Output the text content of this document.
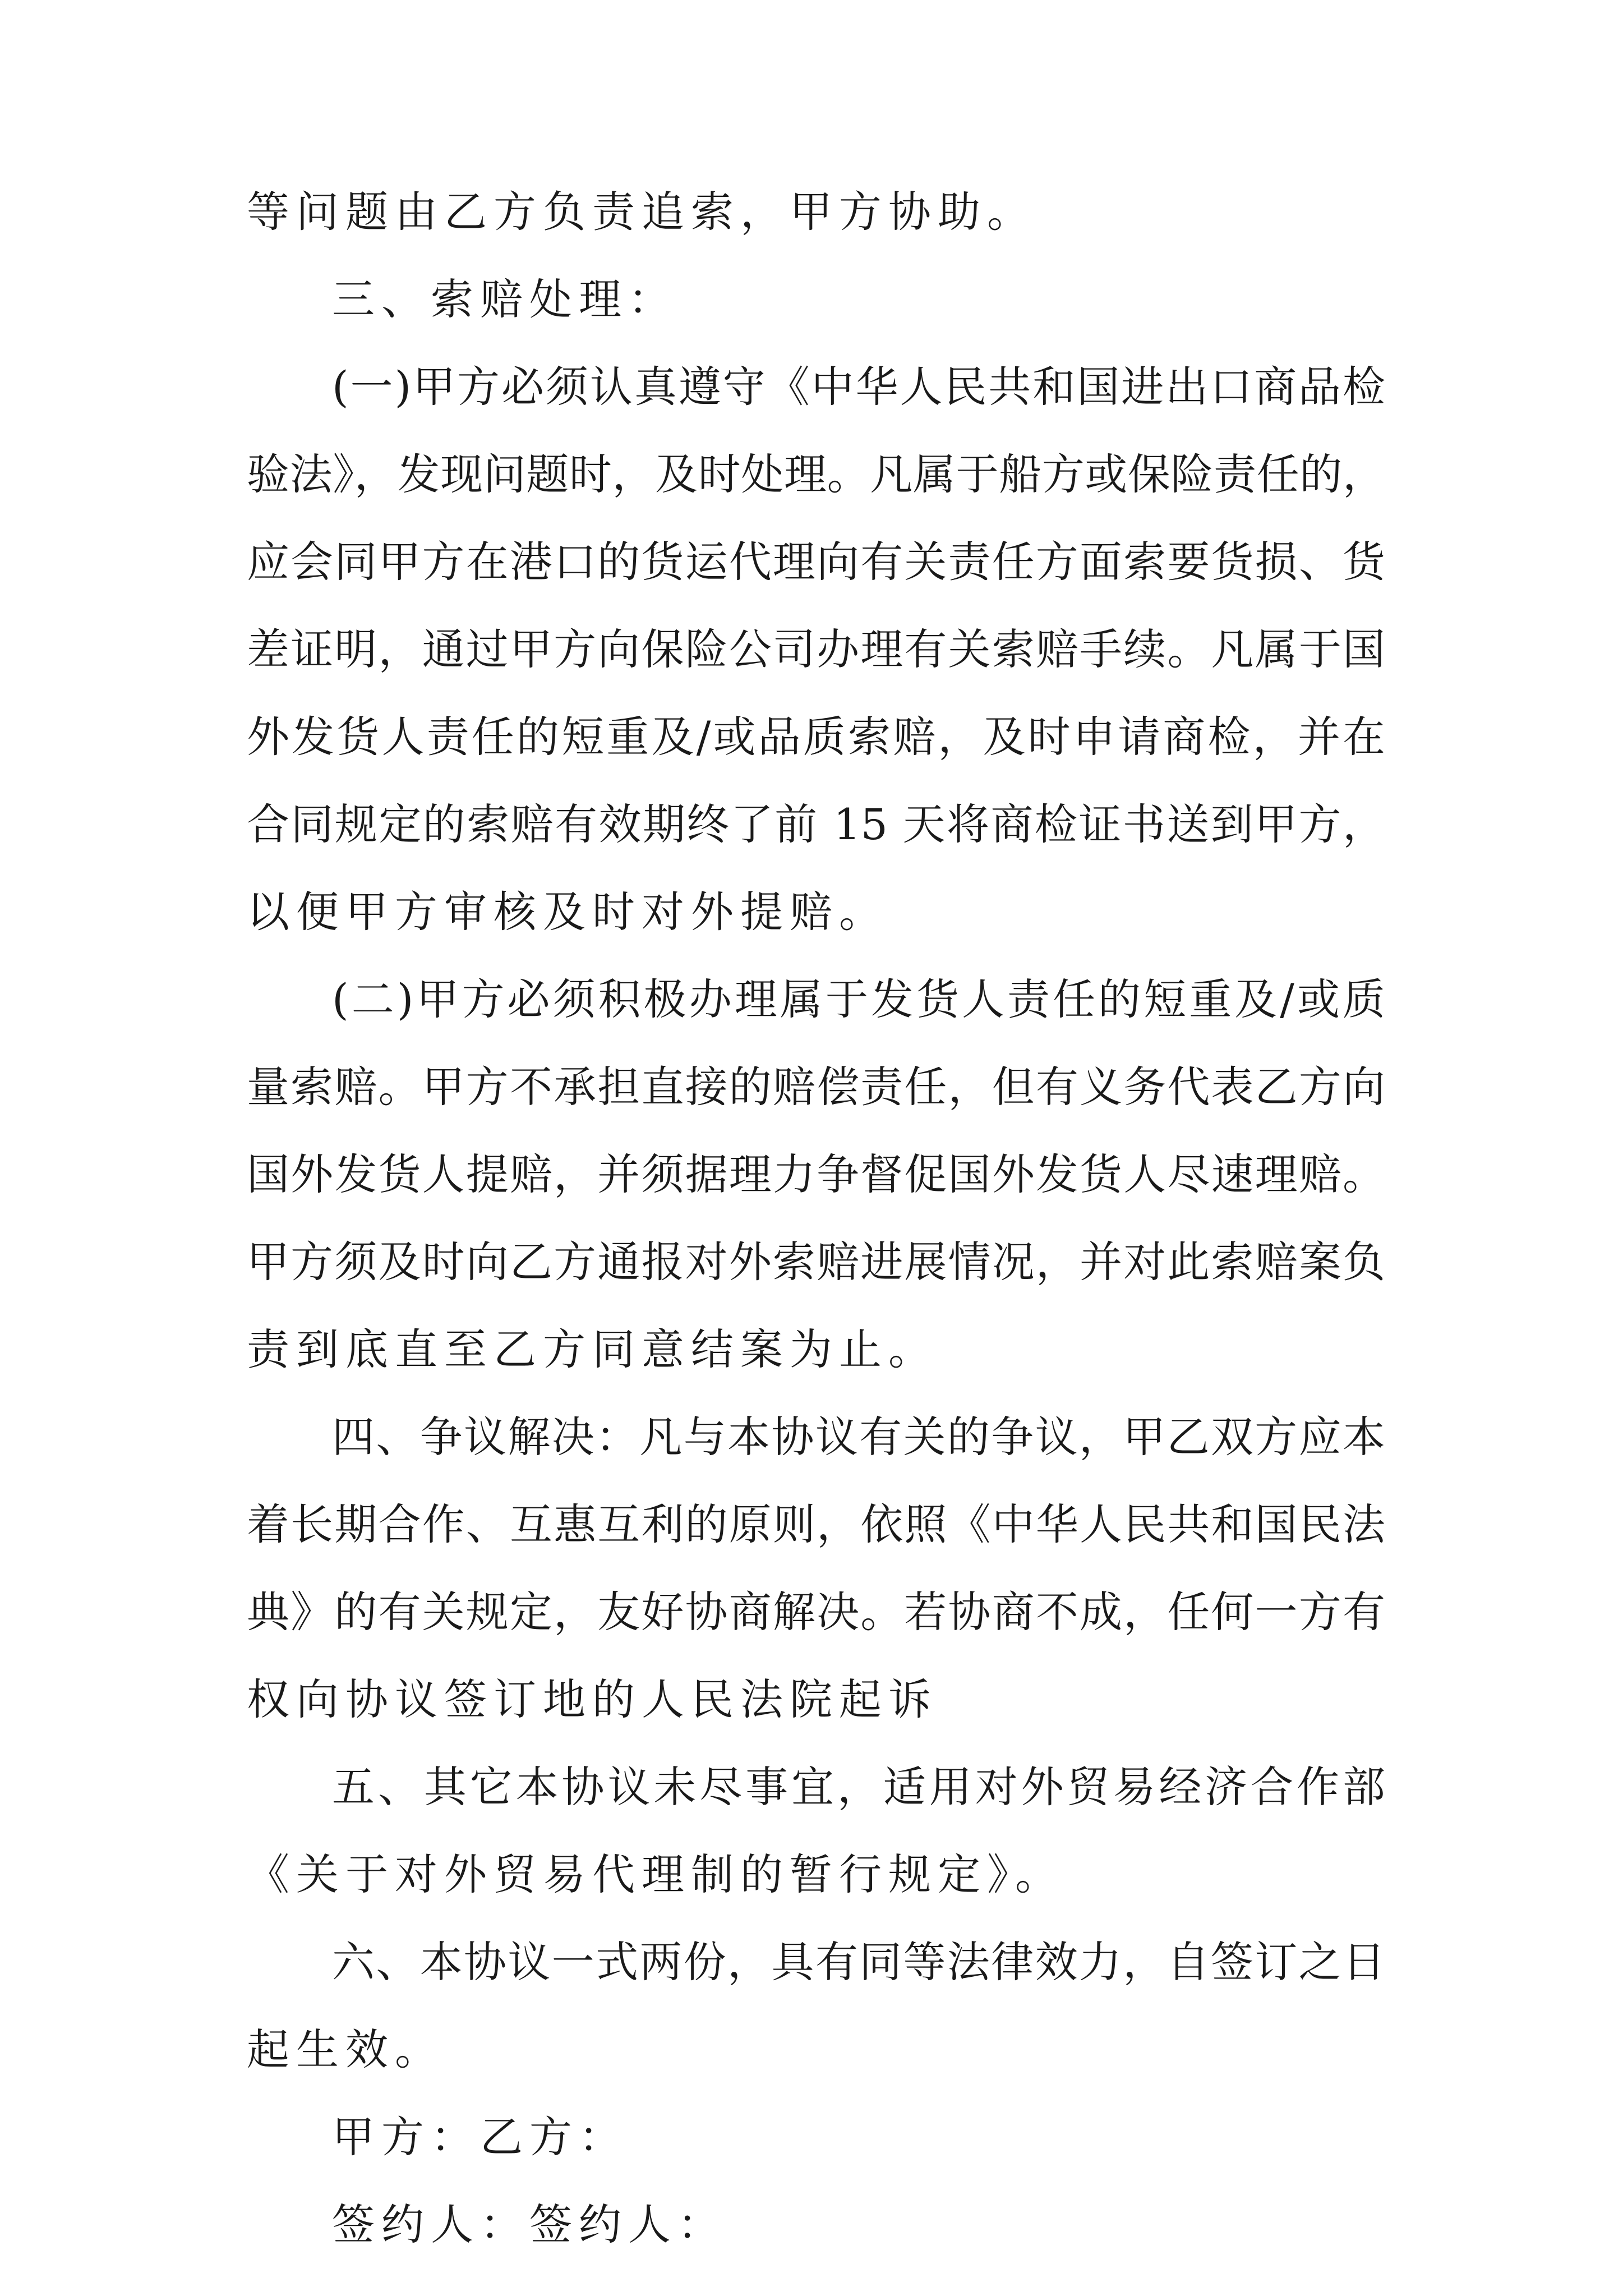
等问题由乙方负责追索，甲方协助。
三、索赔处理：
(一)甲方必须认真遵守《中华人民共和国进出口商品检
验法》，发现问题时，及时处理。凡属于船方或保险责任的，
应会同甲方在港口的货运代理向有关责任方面索要货损、货
差证明，通过甲方向保险公司办理有关索赔手续。凡属于国
外发货人责任的短重及/或品质索赔，及时申请商检，并在
合同规定的索赔有效期终了前 15 天将商检证书送到甲方，
以便甲方审核及时对外提赔。
(二)甲方必须积极办理属于发货人责任的短重及/或质
量索赔。甲方不承担直接的赔偿责任，但有义务代表乙方向
国外发货人提赔，并须据理力争督促国外发货人尽速理赔。
甲方须及时向乙方通报对外索赔进展情况，并对此索赔案负
责到底直至乙方同意结案为止。
四、争议解决：凡与本协议有关的争议，甲乙双方应本
着长期合作、互惠互利的原则，依照《中华人民共和国民法
典》的有关规定，友好协商解决。若协商不成，任何一方有
权向协议签订地的人民法院起诉
五、其它本协议未尽事宜，适用对外贸易经济合作部
《关于对外贸易代理制的暂行规定》。
六、本协议一式两份，具有同等法律效力，自签订之日
起生效。
甲方：乙方：
签约人：签约人：
